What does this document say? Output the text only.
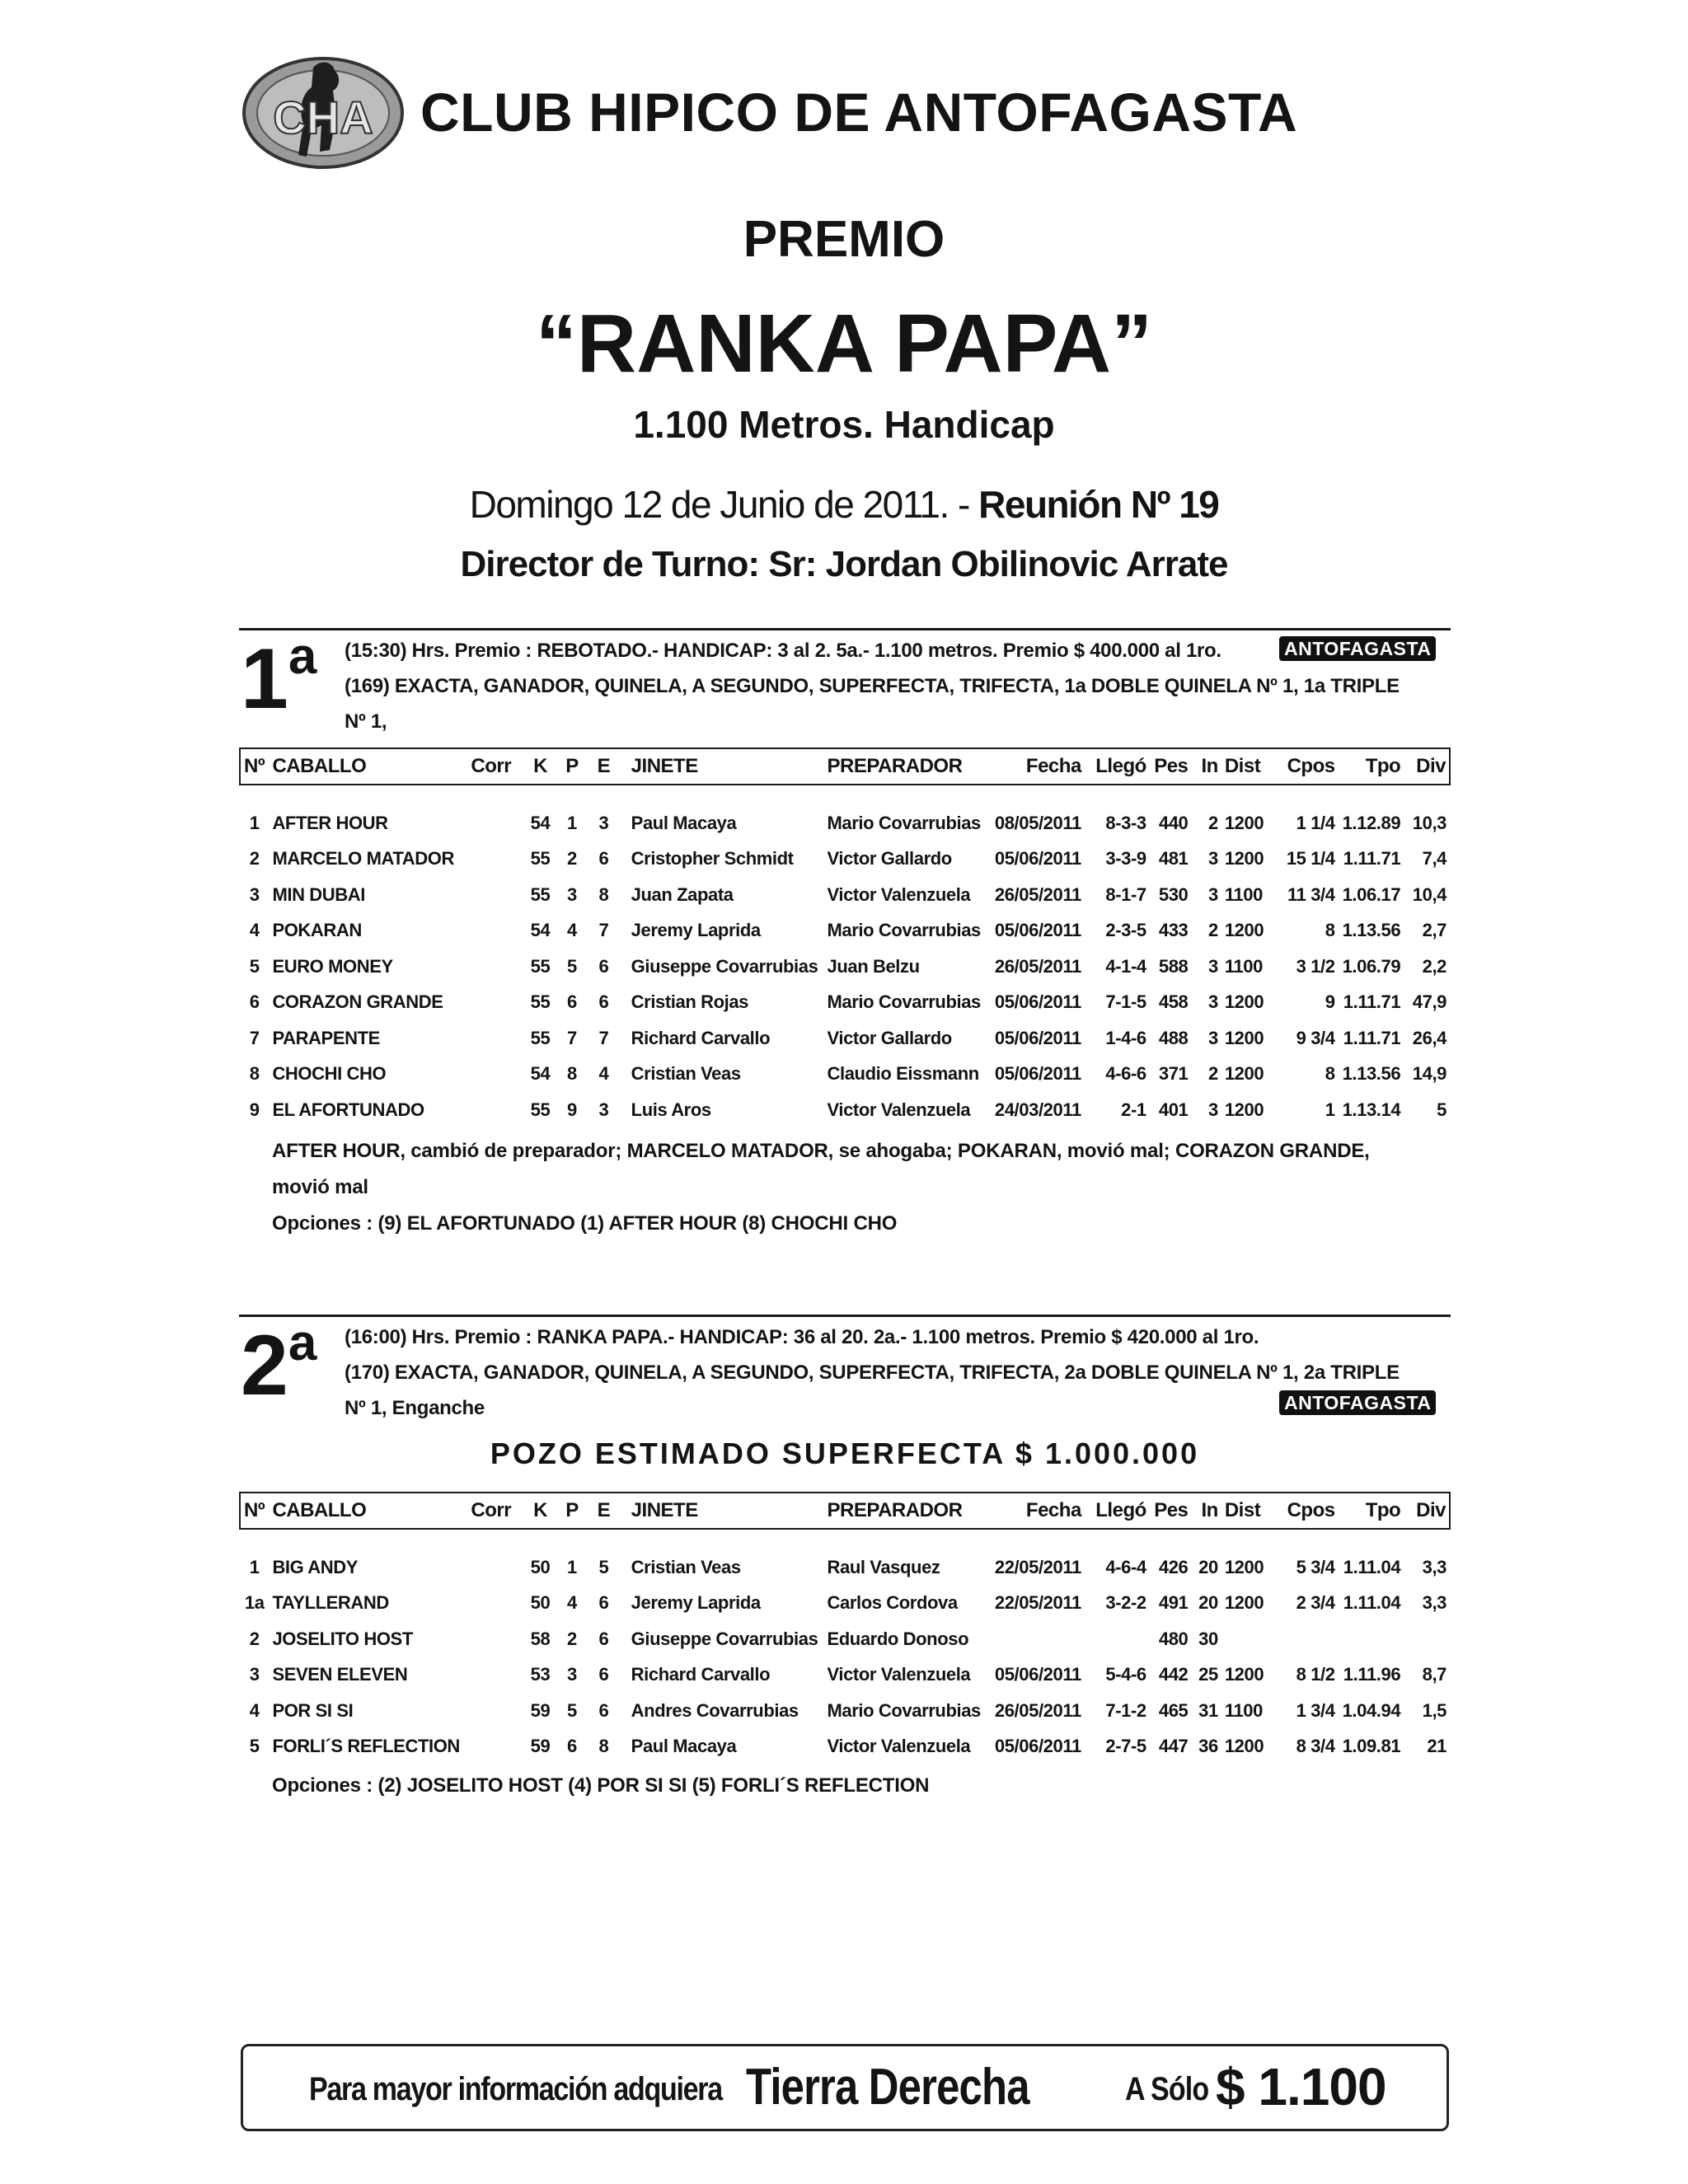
CHA CLUB HIPICO DE ANTOFAGASTA
PREMIO
“RANKA PAPA”
1.100 Metros. Handicap
Domingo 12 de Junio de 2011. - Reunión Nº 19
Director de Turno: Sr: Jordan Obilinovic Arrate
1$^a$ (15:30) Hrs. Premio : REBOTADO.- HANDICAP: 3 al 2. 5a.- 1.100 metros. Premio $ 400.000 al 1ro.
(169) EXACTA, GANADOR, QUINELA, A SEGUNDO, SUPERFECTA, TRIFECTA, 1a DOBLE QUINELA Nº 1, 1a TRIPLE
Nº 1,
ANTOFAGASTA
Nº	CABALLO	Corr	K	P	E	JINETE	PREPARADOR	Fecha	Llegó	Pes	In	Dist	Cpos	Tpo	Div

1	AFTER HOUR		54	1	3	Paul Macaya	Mario Covarrubias	08/05/2011	8-3-3	440	2	1200	1 1/4	1.12.89	10,3
2	MARCELO MATADOR		55	2	6	Cristopher Schmidt	Victor Gallardo	05/06/2011	3-3-9	481	3	1200	15 1/4	1.11.71	7,4
3	MIN DUBAI		55	3	8	Juan Zapata	Victor Valenzuela	26/05/2011	8-1-7	530	3	1100	11 3/4	1.06.17	10,4
4	POKARAN		54	4	7	Jeremy Laprida	Mario Covarrubias	05/06/2011	2-3-5	433	2	1200	8	1.13.56	2,7
5	EURO MONEY		55	5	6	Giuseppe Covarrubias	Juan Belzu	26/05/2011	4-1-4	588	3	1100	3 1/2	1.06.79	2,2
6	CORAZON GRANDE		55	6	6	Cristian Rojas	Mario Covarrubias	05/06/2011	7-1-5	458	3	1200	9	1.11.71	47,9
7	PARAPENTE		55	7	7	Richard Carvallo	Victor Gallardo	05/06/2011	1-4-6	488	3	1200	9 3/4	1.11.71	26,4
8	CHOCHI CHO		54	8	4	Cristian Veas	Claudio Eissmann	05/06/2011	4-6-6	371	2	1200	8	1.13.56	14,9
9	EL AFORTUNADO		55	9	3	Luis Aros	Victor Valenzuela	24/03/2011	2-1	401	3	1200	1	1.13.14	5
AFTER HOUR, cambió de preparador; MARCELO MATADOR, se ahogaba; POKARAN, movió mal; CORAZON GRANDE, movió mal
Opciones : (9) EL AFORTUNADO (1) AFTER HOUR (8) CHOCHI CHO
2$^a$ (16:00) Hrs. Premio : RANKA PAPA.- HANDICAP: 36 al 20. 2a.- 1.100 metros. Premio $ 420.000 al 1ro.
(170) EXACTA, GANADOR, QUINELA, A SEGUNDO, SUPERFECTA, TRIFECTA, 2a DOBLE QUINELA Nº 1, 2a TRIPLE
Nº 1, Enganche	ANTOFAGASTA
POZO ESTIMADO SUPERFECTA $ 1.000.000
Nº	CABALLO	Corr	K	P	E	JINETE	PREPARADOR	Fecha	Llegó	Pes	In	Dist	Cpos	Tpo	Div

1	BIG ANDY		50	1	5	Cristian Veas	Raul Vasquez	22/05/2011	4-6-4	426	20	1200	5 3/4	1.11.04	3,3
1a	TAYLLERAND		50	4	6	Jeremy Laprida	Carlos Cordova	22/05/2011	3-2-2	491	20	1200	2 3/4	1.11.04	3,3
2	JOSELITO HOST		58	2	6	Giuseppe Covarrubias	Eduardo Donoso			480	30				
3	SEVEN ELEVEN		53	3	6	Richard Carvallo	Victor Valenzuela	05/06/2011	5-4-6	442	25	1200	8 1/2	1.11.96	8,7
4	POR SI SI		59	5	6	Andres Covarrubias	Mario Covarrubias	26/05/2011	7-1-2	465	31	1100	1 3/4	1.04.94	1,5
5	FORLI´S REFLECTION		59	6	8	Paul Macaya	Victor Valenzuela	05/06/2011	2-7-5	447	36	1200	8 3/4	1.09.81	21
Opciones : (2) JOSELITO HOST (4) POR SI SI (5) FORLI´S REFLECTION
Para mayor información adquiera Tierra Derecha	A Sólo $ 1.100
